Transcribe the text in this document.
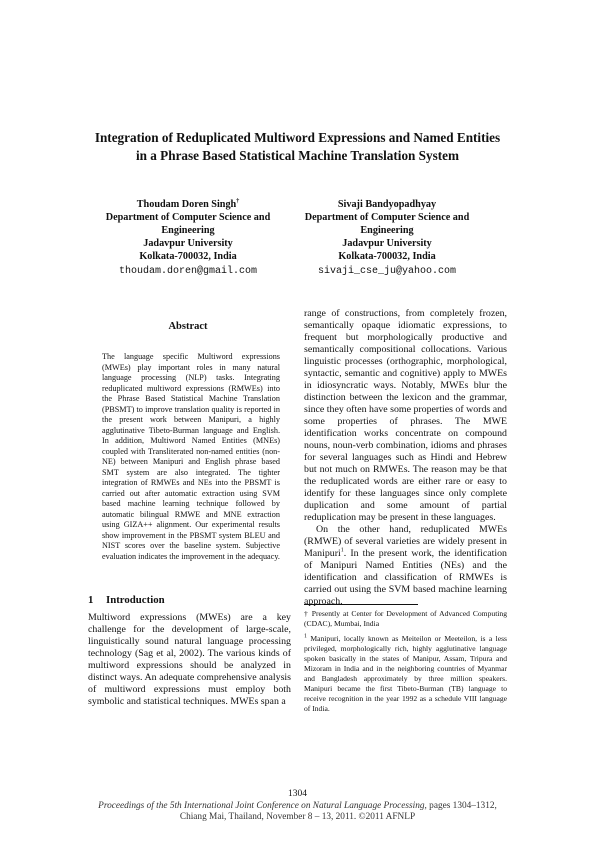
Integration of Reduplicated Multiword Expressions and Named Entities
in a Phrase Based Statistical Machine Translation System
Thoudam Doren Singh†
Department of Computer Science and
Engineering
Jadavpur University
Kolkata-700032, India
thoudam.doren@gmail.com
Sivaji Bandyopadhyay
Department of Computer Science and
Engineering
Jadavpur University
Kolkata-700032, India
sivaji_cse_ju@yahoo.com
Abstract
The language specific Multiword expressions (MWEs) play important roles in many natural language processing (NLP) tasks. Integrating reduplicated multiword expressions (RMWEs) into the Phrase Based Statistical Machine Translation (PBSMT) to improve translation quality is reported in the present work between Manipuri, a highly agglutinative Tibeto-Burman language and English. In addition, Multiword Named Entities (MNEs) coupled with Transliterated non-named entities (non-NE) between Manipuri and English phrase based SMT system are also integrated. The tighter integration of RMWEs and NEs into the PBSMT is carried out after automatic extraction using SVM based machine learning technique followed by automatic bilingual RMWE and MNE extraction using GIZA++ alignment. Our experimental results show improvement in the PBSMT system BLEU and NIST scores over the baseline system. Subjective evaluation indicates the improvement in the adequacy.
1 Introduction
Multiword expressions (MWEs) are a key challenge for the development of large-scale, linguistically sound natural language processing technology (Sag et al, 2002). The various kinds of multiword expressions should be analyzed in distinct ways. An adequate comprehensive analysis of multiword expressions must employ both symbolic and statistical techniques. MWEs span a

range of constructions, from completely frozen, semantically opaque idiomatic expressions, to frequent but morphologically productive and semantically compositional collocations. Various linguistic processes (orthographic, morphological, syntactic, semantic and cognitive) apply to MWEs in idiosyncratic ways. Notably, MWEs blur the distinction between the lexicon and the grammar, since they often have some properties of words and some properties of phrases. The MWE identification works concentrate on compound nouns, noun-verb combination, idioms and phrases for several languages such as Hindi and Hebrew but not much on RMWEs. The reason may be that the reduplicated words are either rare or easy to identify for these languages since only complete duplication and some amount of partial reduplication may be present in these languages.

On the other hand, reduplicated MWEs (RMWE) of several varieties are widely present in Manipuri$^1$. In the present work, the identification of Manipuri Named Entities (NEs) and the identification and classification of RMWEs is carried out using the SVM based machine learning approach.

† Presently at Center for Development of Advanced Computing (CDAC), Mumbai, India
$^1$ Manipuri, locally known as Meiteilon or Meeteilon, is a less privileged, morphologically rich, highly agglutinative language spoken basically in the states of Manipur, Assam, Tripura and Mizoram in India and in the neighboring countries of Myanmar and Bangladesh approximately by three million speakers. Manipuri became the first Tibeto-Burman (TB) language to receive recognition in the year 1992 as a schedule VIII language of India.
1304
Proceedings of the 5th International Joint Conference on Natural Language Processing, pages 1304–1312,
Chiang Mai, Thailand, November 8 – 13, 2011. ©2011 AFNLP
